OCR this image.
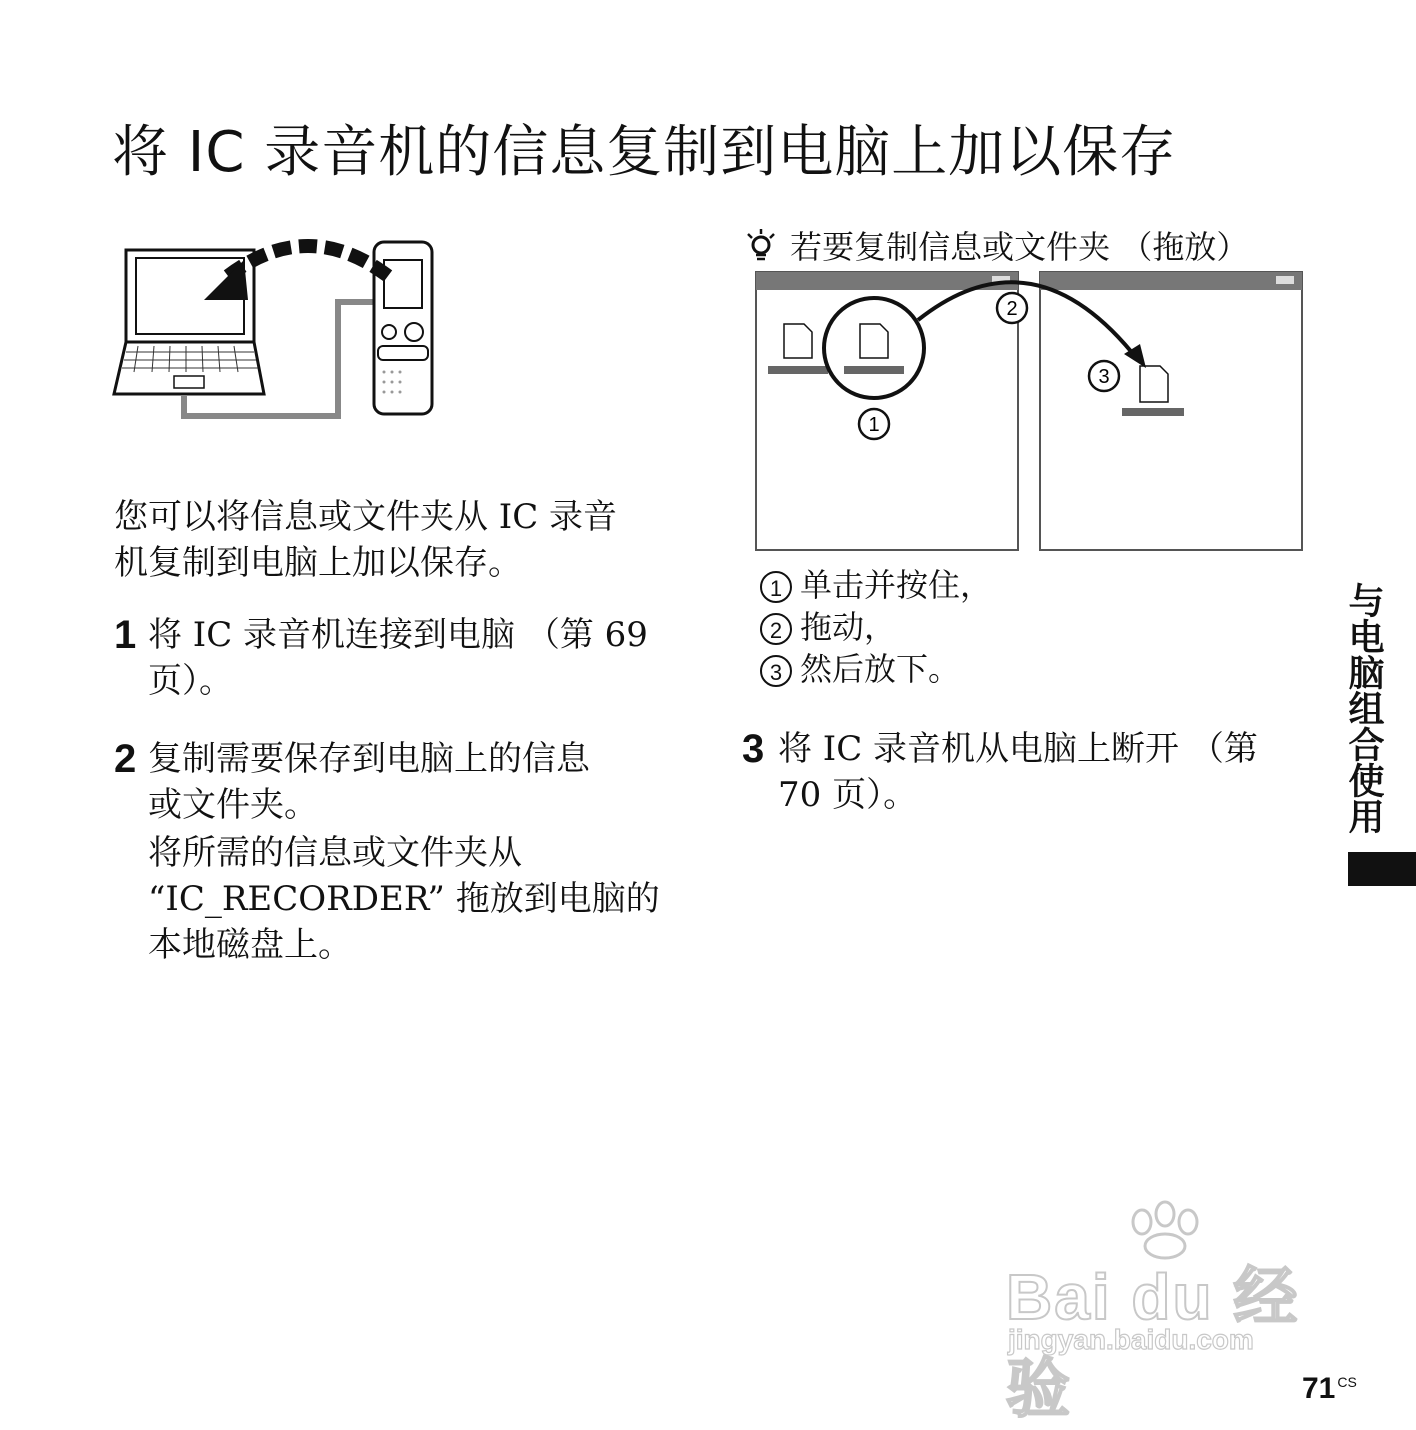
将 IC 录音机的信息复制到电脑上加以保存
您可以将信息或文件夹从 IC 录音
机复制到电脑上加以保存。
1 将 IC 录音机连接到电脑 （第 69
页）。
2 复制需要保存到电脑上的信息
或文件夹。
将所需的信息或文件夹从
“IC_RECORDER” 拖放到电脑的
本地磁盘上。
若要复制信息或文件夹 （拖放）
1
2
3
1 单击并按住，
2 拖动，
3 然后放下。
3 将 IC 录音机从电脑上断开 （第
70 页）。	与电脑组合使用
Bai du 经验
jingyan.baidu.com
71 $^{CS}$
